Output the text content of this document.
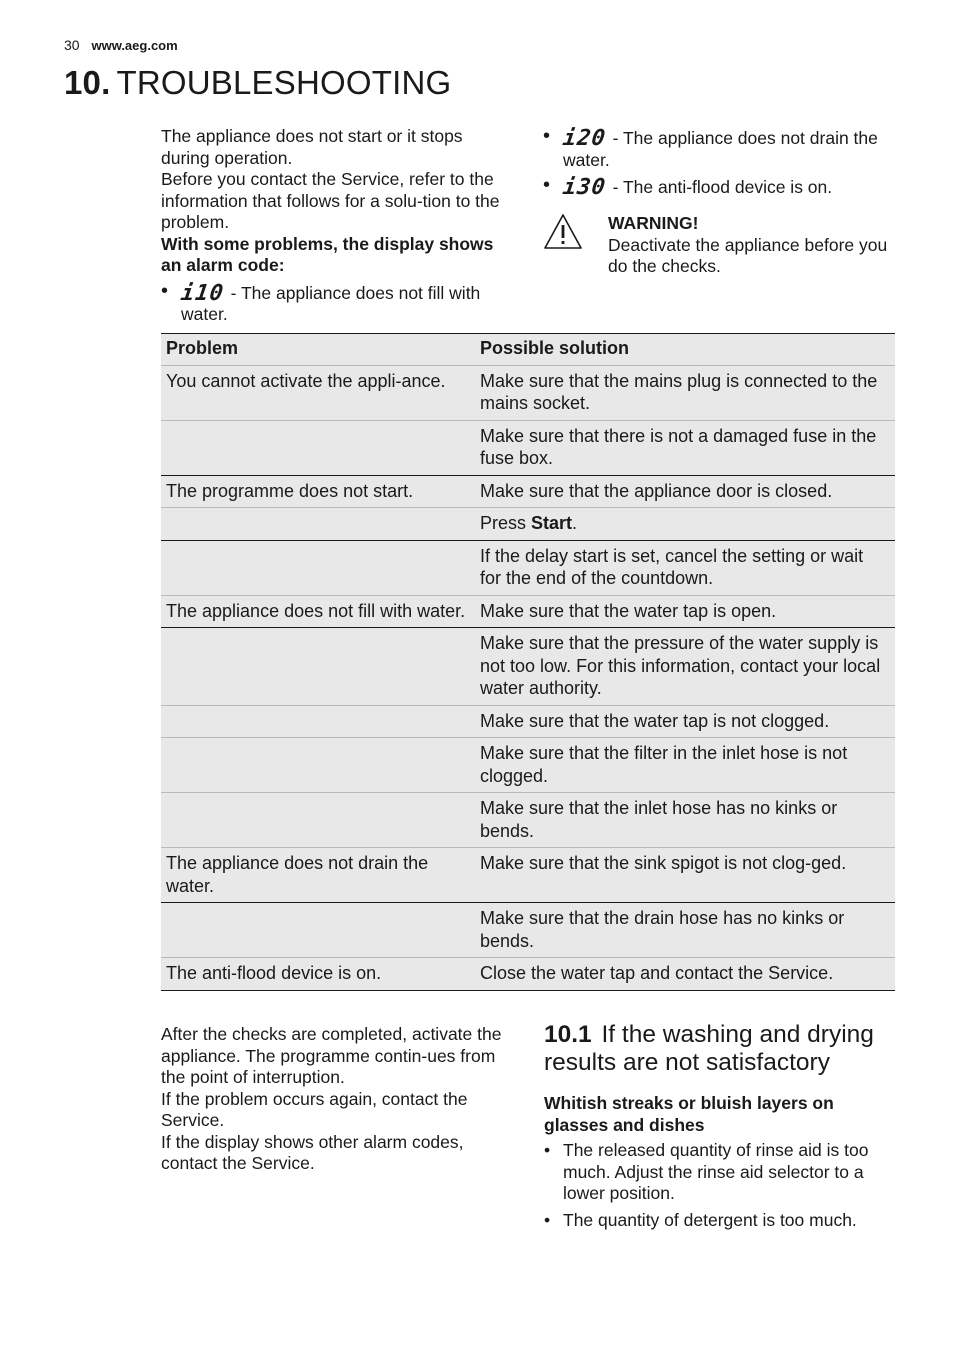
30 www.aeg.com
10. TROUBLESHOOTING

The appliance does not start or it stops during operation.

Before you contact the Service, refer to the information that follows for a solu-tion to the problem.

With some problems, the display shows an alarm code:

• i10 - The appliance does not fill with water.

• i20 - The appliance does not drain the water.

• i30 - The anti-flood device is on.

WARNING!
Deactivate the appliance before you do the checks.
Problem	Possible solution
You cannot activate the appli-ance.	Make sure that the mains plug is connected to the mains socket.
	Make sure that there is not a damaged fuse in the fuse box.
The programme does not start.	Make sure that the appliance door is closed.
	Press Start.
	If the delay start is set, cancel the setting or wait for the end of the countdown.
The appliance does not fill with water.	Make sure that the water tap is open.
	Make sure that the pressure of the water supply is not too low. For this information, contact your local water authority.
	Make sure that the water tap is not clogged.
	Make sure that the filter in the inlet hose is not clogged.
	Make sure that the inlet hose has no kinks or bends.
The appliance does not drain the water.	Make sure that the sink spigot is not clog-ged.
	Make sure that the drain hose has no kinks or bends.
The anti-flood device is on.	Close the water tap and contact the Service.

After the checks are completed, activate the appliance. The programme contin-ues from the point of interruption.

If the problem occurs again, contact the Service.

If the display shows other alarm codes, contact the Service.

10.1 If the washing and drying results are not satisfactory
Whitish streaks or bluish layers on glasses and dishes
• The released quantity of rinse aid is too much. Adjust the rinse aid selector to a lower position.
• The quantity of detergent is too much.
